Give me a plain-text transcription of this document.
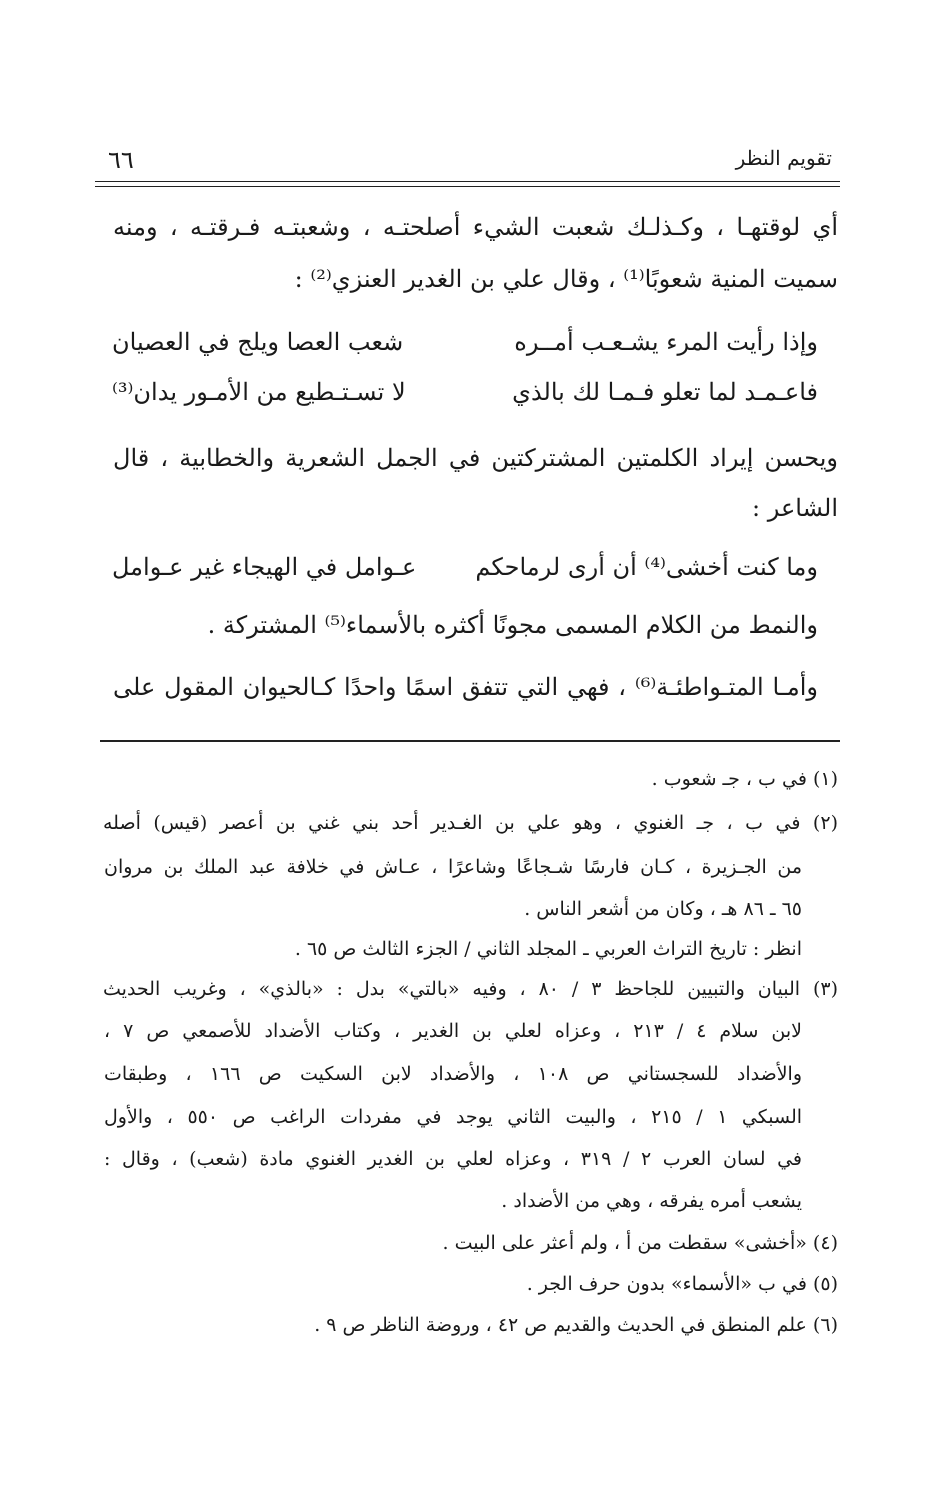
٦٦	تقويم النظر
أي لوقتهـا ، وكـذلـك شعبت الشيء أصلحتـه ، وشعبتـه فـرقتـه ، ومنه
سميت المنية شعوبًا⁽¹⁾ ، وقال علي بن الغدير العنزي⁽²⁾ :
وإذا رأيت المرء يشـعـب أمــره
شعب العصا ويلج في العصيان
فاعـمـد لما تعلو فـمـا لك بالذي
لا تسـتـطيع من الأمـور يدان⁽³⁾
ويحسن إيراد الكلمتين المشتركتين في الجمل الشعرية والخطابية ، قال
الشاعر :
وما كنت أخشى⁽⁴⁾ أن أرى لرماحكم
عـوامل في الهيجاء غير عـوامل
والنمط من الكلام المسمى مجونًا أكثره بالأسماء⁽⁵⁾ المشتركة .
وأمـا المتـواطئـة⁽⁶⁾ ، فهي التي تتفق اسمًا واحدًا كـالحيوان المقول على
(١) في ب ، جـ شعوب .
(٢) في ب ، جـ الغنوي ، وهو علي بن الغـدير أحد بني غني بن أعصر (قيس) أصله
من الجـزيرة ، كـان فارسًا شـجاعًا وشاعرًا ، عـاش في خلافة عبد الملك بن مروان
٦٥ ـ ٨٦ هـ ، وكان من أشعر الناس .
انظر : تاريخ التراث العربي ـ المجلد الثاني / الجزء الثالث ص ٦٥ .
(٣) البيان والتبيين للجاحظ ٣ / ٨٠ ، وفيه «بالتي» بدل : «بالذي» ، وغريب الحديث
لابن سلام ٤ / ٢١٣ ، وعزاه لعلي بن الغدير ، وكتاب الأضداد للأصمعي ص ٧ ،
والأضداد للسجستاني ص ١٠٨ ، والأضداد لابن السكيت ص ١٦٦ ، وطبقات
السبكي ١ / ٢١٥ ، والبيت الثاني يوجد في مفردات الراغب ص ٥٥٠ ، والأول
في لسان العرب ٢ / ٣١٩ ، وعزاه لعلي بن الغدير الغنوي مادة (شعب) ، وقال :
يشعب أمره يفرقه ، وهي من الأضداد .
(٤) «أخشى» سقطت من أ ، ولم أعثر على البيت .
(٥) في ب «الأسماء» بدون حرف الجر .
(٦) علم المنطق في الحديث والقديم ص ٤٢ ، وروضة الناظر ص ٩ .
